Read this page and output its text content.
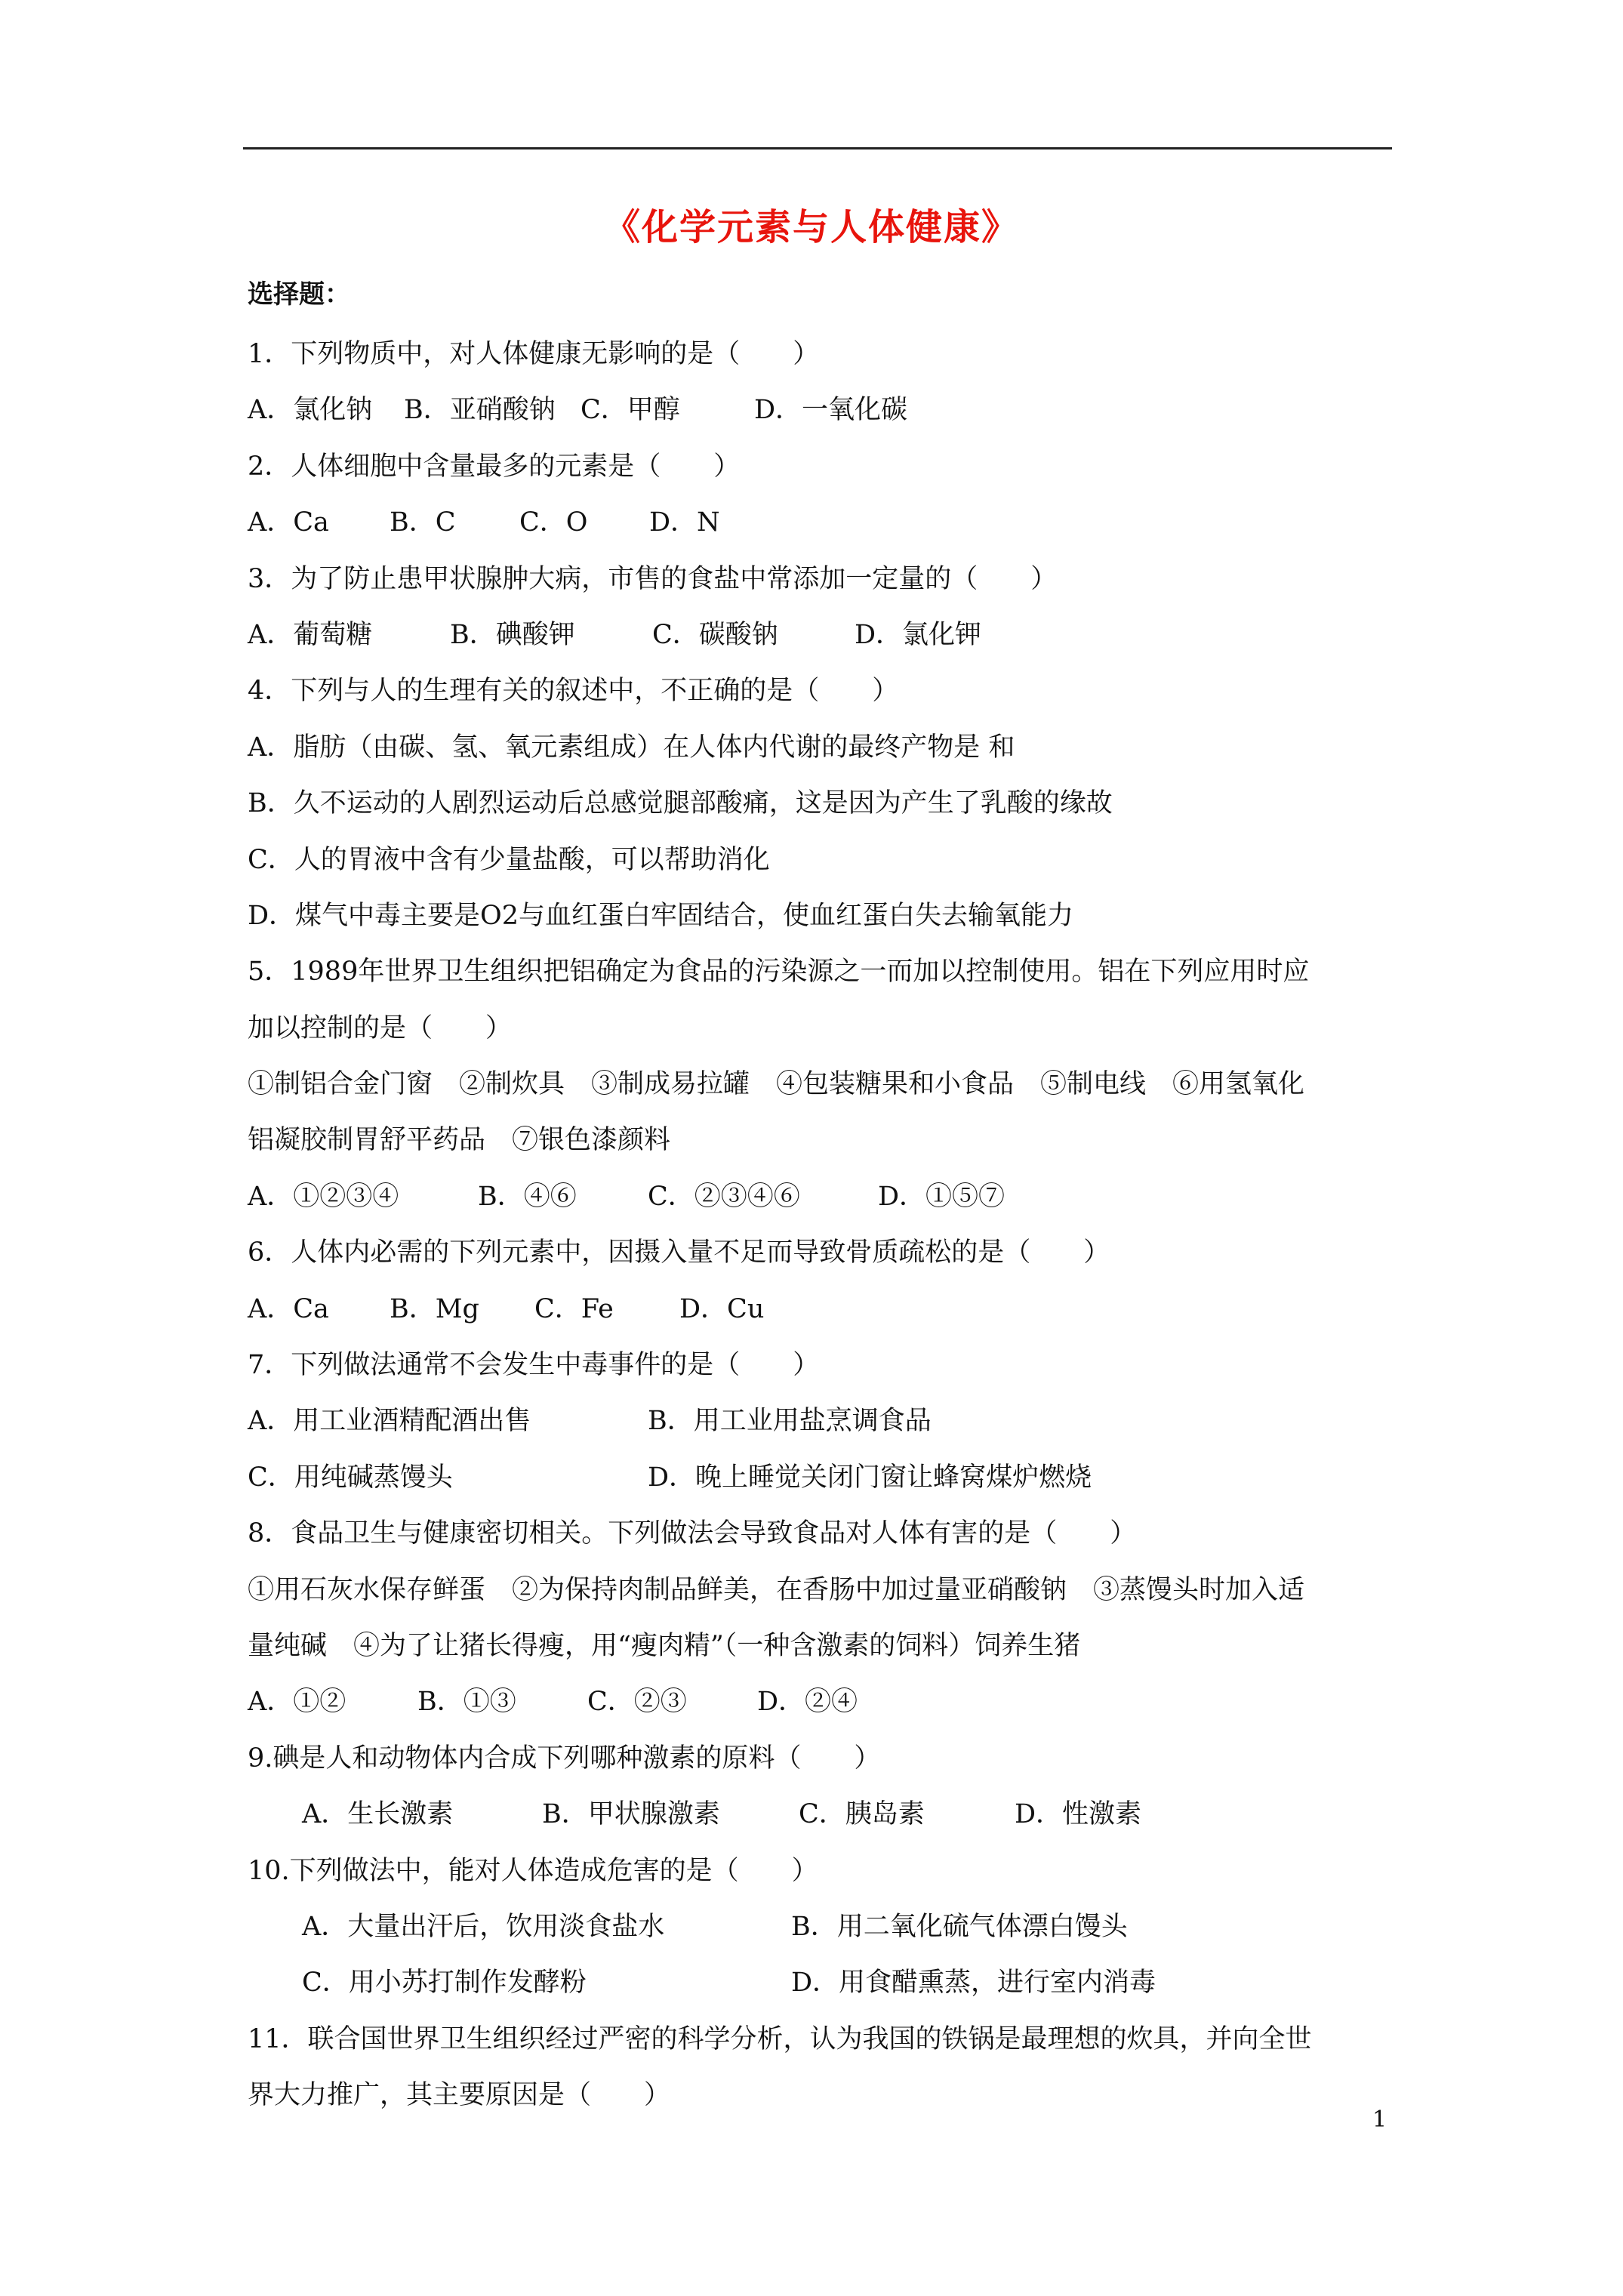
《化学元素与人体健康》
选择题：
1．下列物质中，对人体健康无影响的是（　　）
A．氯化钠 B．亚硝酸钠 C．甲醇	D．一氧化碳
2．人体细胞中含量最多的元素是（　　）
A．Ca B．C C．O D．N
3．为了防止患甲状腺肿大病，市售的食盐中常添加一定量的（　　）
A．葡萄糖	B．碘酸钾	C．碳酸钠	D．氯化钾
4．下列与人的生理有关的叙述中，不正确的是（　　）
A．脂肪（由碳、氢、氧元素组成）在人体内代谢的最终产物是 和
B．久不运动的人剧烈运动后总感觉腿部酸痛，这是因为产生了乳酸的缘故
C．人的胃液中含有少量盐酸，可以帮助消化
D．煤气中毒主要是O2与血红蛋白牢固结合，使血红蛋白失去输氧能力
5．1989年世界卫生组织把铝确定为食品的污染源之一而加以控制使用。铝在下列应用时应
加以控制的是（　　）
①制铝合金门窗　②制炊具　③制成易拉罐　④包装糖果和小食品　⑤制电线　⑥用氢氧化
铝凝胶制胃舒平药品　⑦银色漆颜料
A．①②③④	B．④⑥	C．②③④⑥	D．①⑤⑦
6．人体内必需的下列元素中，因摄入量不足而导致骨质疏松的是（　　）
A．Ca B．Mg C．Fe D．Cu
7．下列做法通常不会发生中毒事件的是（　　）
A．用工业酒精配酒出售	B．用工业用盐烹调食品
C．用纯碱蒸馒头	D．晚上睡觉关闭门窗让蜂窝煤炉燃烧
8．食品卫生与健康密切相关。下列做法会导致食品对人体有害的是（　　）
①用石灰水保存鲜蛋　②为保持肉制品鲜美，在香肠中加过量亚硝酸钠　③蒸馒头时加入适
量纯碱　④为了让猪长得瘦，用“瘦肉精”（一种含激素的饲料）饲养生猪
A．①②	B．①③	C．②③	D．②④
9.碘是人和动物体内合成下列哪种激素的原料（　　）
A．生长激素	B．甲状腺激素	C．胰岛素	D．性激素
10.下列做法中，能对人体造成危害的是（　　）
A．大量出汗后，饮用淡食盐水	B．用二氧化硫气体漂白馒头
C．用小苏打制作发酵粉	D．用食醋熏蒸，进行室内消毒
11．联合国世界卫生组织经过严密的科学分析，认为我国的铁锅是最理想的炊具，并向全世
界大力推广，其主要原因是（　　）
1
